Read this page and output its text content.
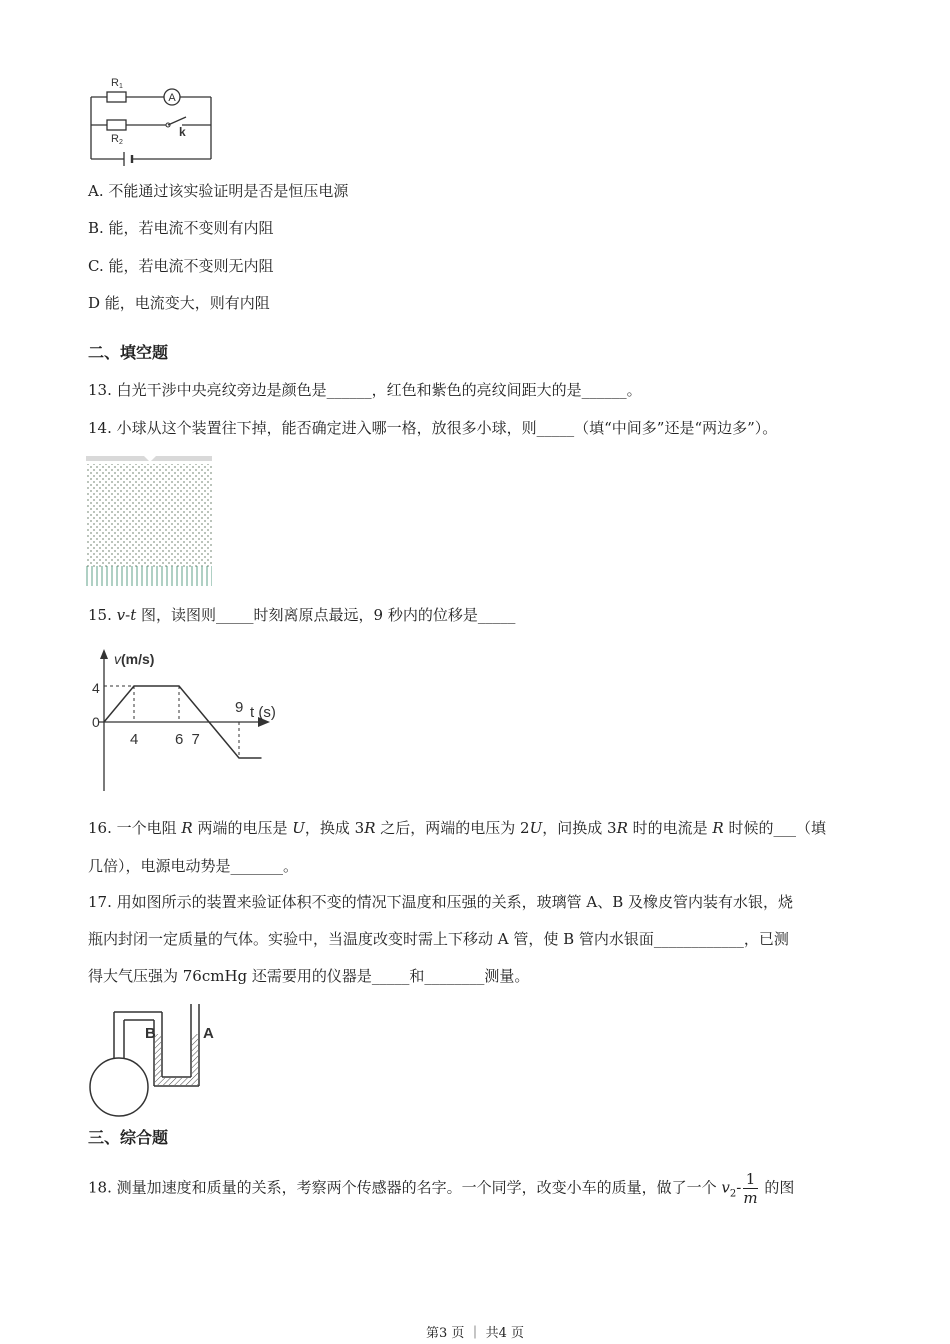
A
k
R1
R2
A. 不能通过该实验证明是否是恒压电源
B. 能，若电流不变则有内阻
C. 能，若电流不变则无内阻
D 能，电流变大，则有内阻
二、填空题
13. 白光干涉中央亮纹旁边是颜色是______，红色和紫色的亮纹间距大的是______。
14. 小球从这个装置往下掉，能否确定进入哪一格，放很多小球，则_____（填“中间多”还是“两边多”）。
15. v-t 图，读图则_____时刻离原点最远，9 秒内的位移是_____
v(m/s)
t (s)
4
0
4 6 7
9
16. 一个电阻 R 两端的电压是 U，换成 3R 之后，两端的电压为 2U，问换成 3R 时的电流是 R 时候的___（填
几倍），电源电动势是_______。
17. 用如图所示的装置来验证体积不变的情况下温度和压强的关系，玻璃管 A、B 及橡皮管内装有水银，烧
瓶内封闭一定质量的气体。实验中，当温度改变时需上下移动 A 管，使 B 管内水银面____________，已测
得大气压强为 76cmHg 还需要用的仪器是_____和________测量。
B	A
三、综合题
18. 测量加速度和质量的关系，考察两个传感器的名字。一个同学，改变小车的质量，做了一个 $v_2- \frac{1}{m}$ 的图
第3 页 ｜ 共4 页
